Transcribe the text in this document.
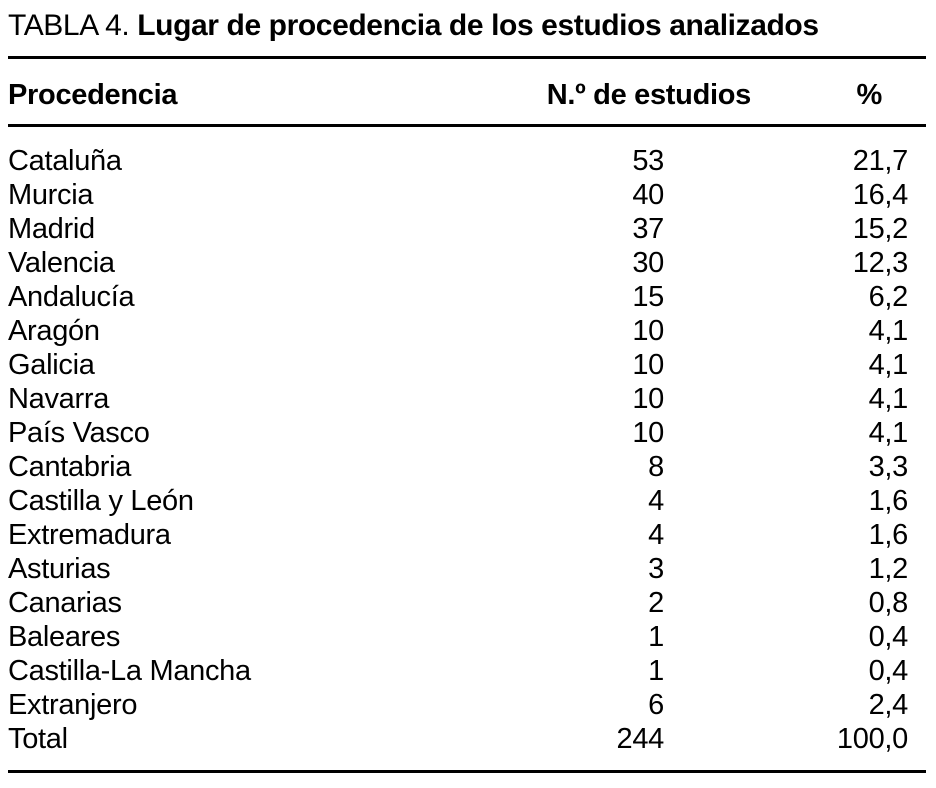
TABLA 4. Lugar de procedencia de los estudios analizados
Procedencia	N.º de estudios	%
Cataluña	53	21,7
Murcia	40	16,4
Madrid	37	15,2
Valencia	30	12,3
Andalucía	15	6,2
Aragón	10	4,1
Galicia	10	4,1
Navarra	10	4,1
País Vasco	10	4,1
Cantabria	8	3,3
Castilla y León	4	1,6
Extremadura	4	1,6
Asturias	3	1,2
Canarias	2	0,8
Baleares	1	0,4
Castilla-La Mancha	1	0,4
Extranjero	6	2,4
Total	244	100,0
